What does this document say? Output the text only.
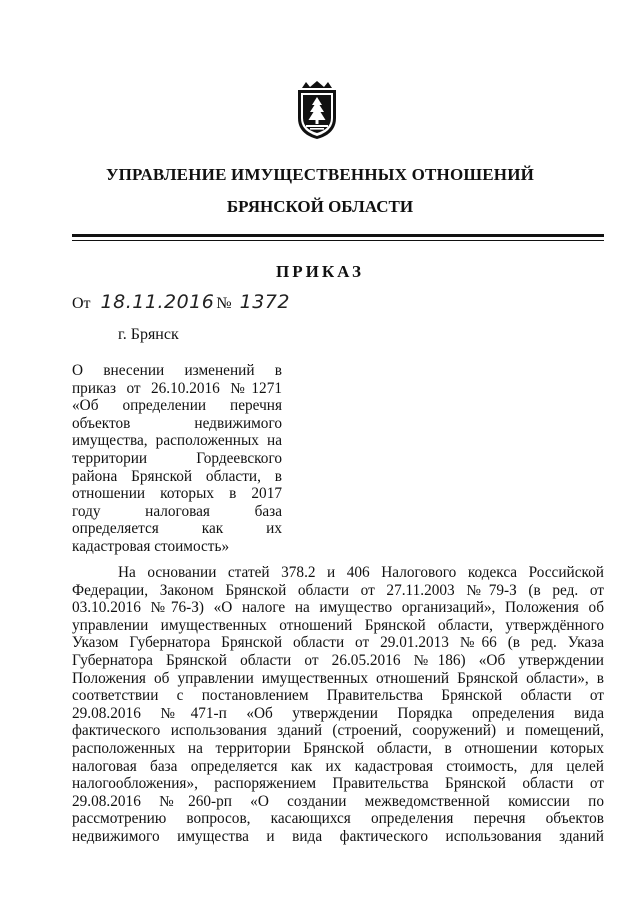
УПРАВЛЕНИЕ ИМУЩЕСТВЕННЫХ ОТНОШЕНИЙ
БРЯНСКОЙ ОБЛАСТИ
ПРИКАЗ
От 18.11.2016 № 1372
г. Брянск
О внесении изменений в
приказ от 26.10.2016 №1271
«Об определении перечня
объектов недвижимого
имущества, расположенных на
территории Гордеевского
района Брянской области, в
отношении которых в 2017
году налоговая база
определяется как их
кадастровая стоимость»
На основании статей 378.2 и 406 Налогового кодекса Российской
Федерации, Законом Брянской области от 27.11.2003 №79-З (в ред. от
03.10.2016 №76-З) «О налоге на имущество организаций», Положения об
управлении имущественных отношений Брянской области, утверждённого
Указом Губернатора Брянской области от 29.01.2013 №66 (в ред. Указа
Губернатора Брянской области от 26.05.2016 №186) «Об утверждении
Положения об управлении имущественных отношений Брянской области», в
соответствии с постановлением Правительства Брянской области от
29.08.2016 №471-п «Об утверждении Порядка определения вида
фактического использования зданий (строений, сооружений) и помещений,
расположенных на территории Брянской области, в отношении которых
налоговая база определяется как их кадастровая стоимость, для целей
налогообложения», распоряжением Правительства Брянской области от
29.08.2016 №260-рп «О создании межведомственной комиссии по
рассмотрению вопросов, касающихся определения перечня объектов
недвижимого имущества и вида фактического использования зданий
